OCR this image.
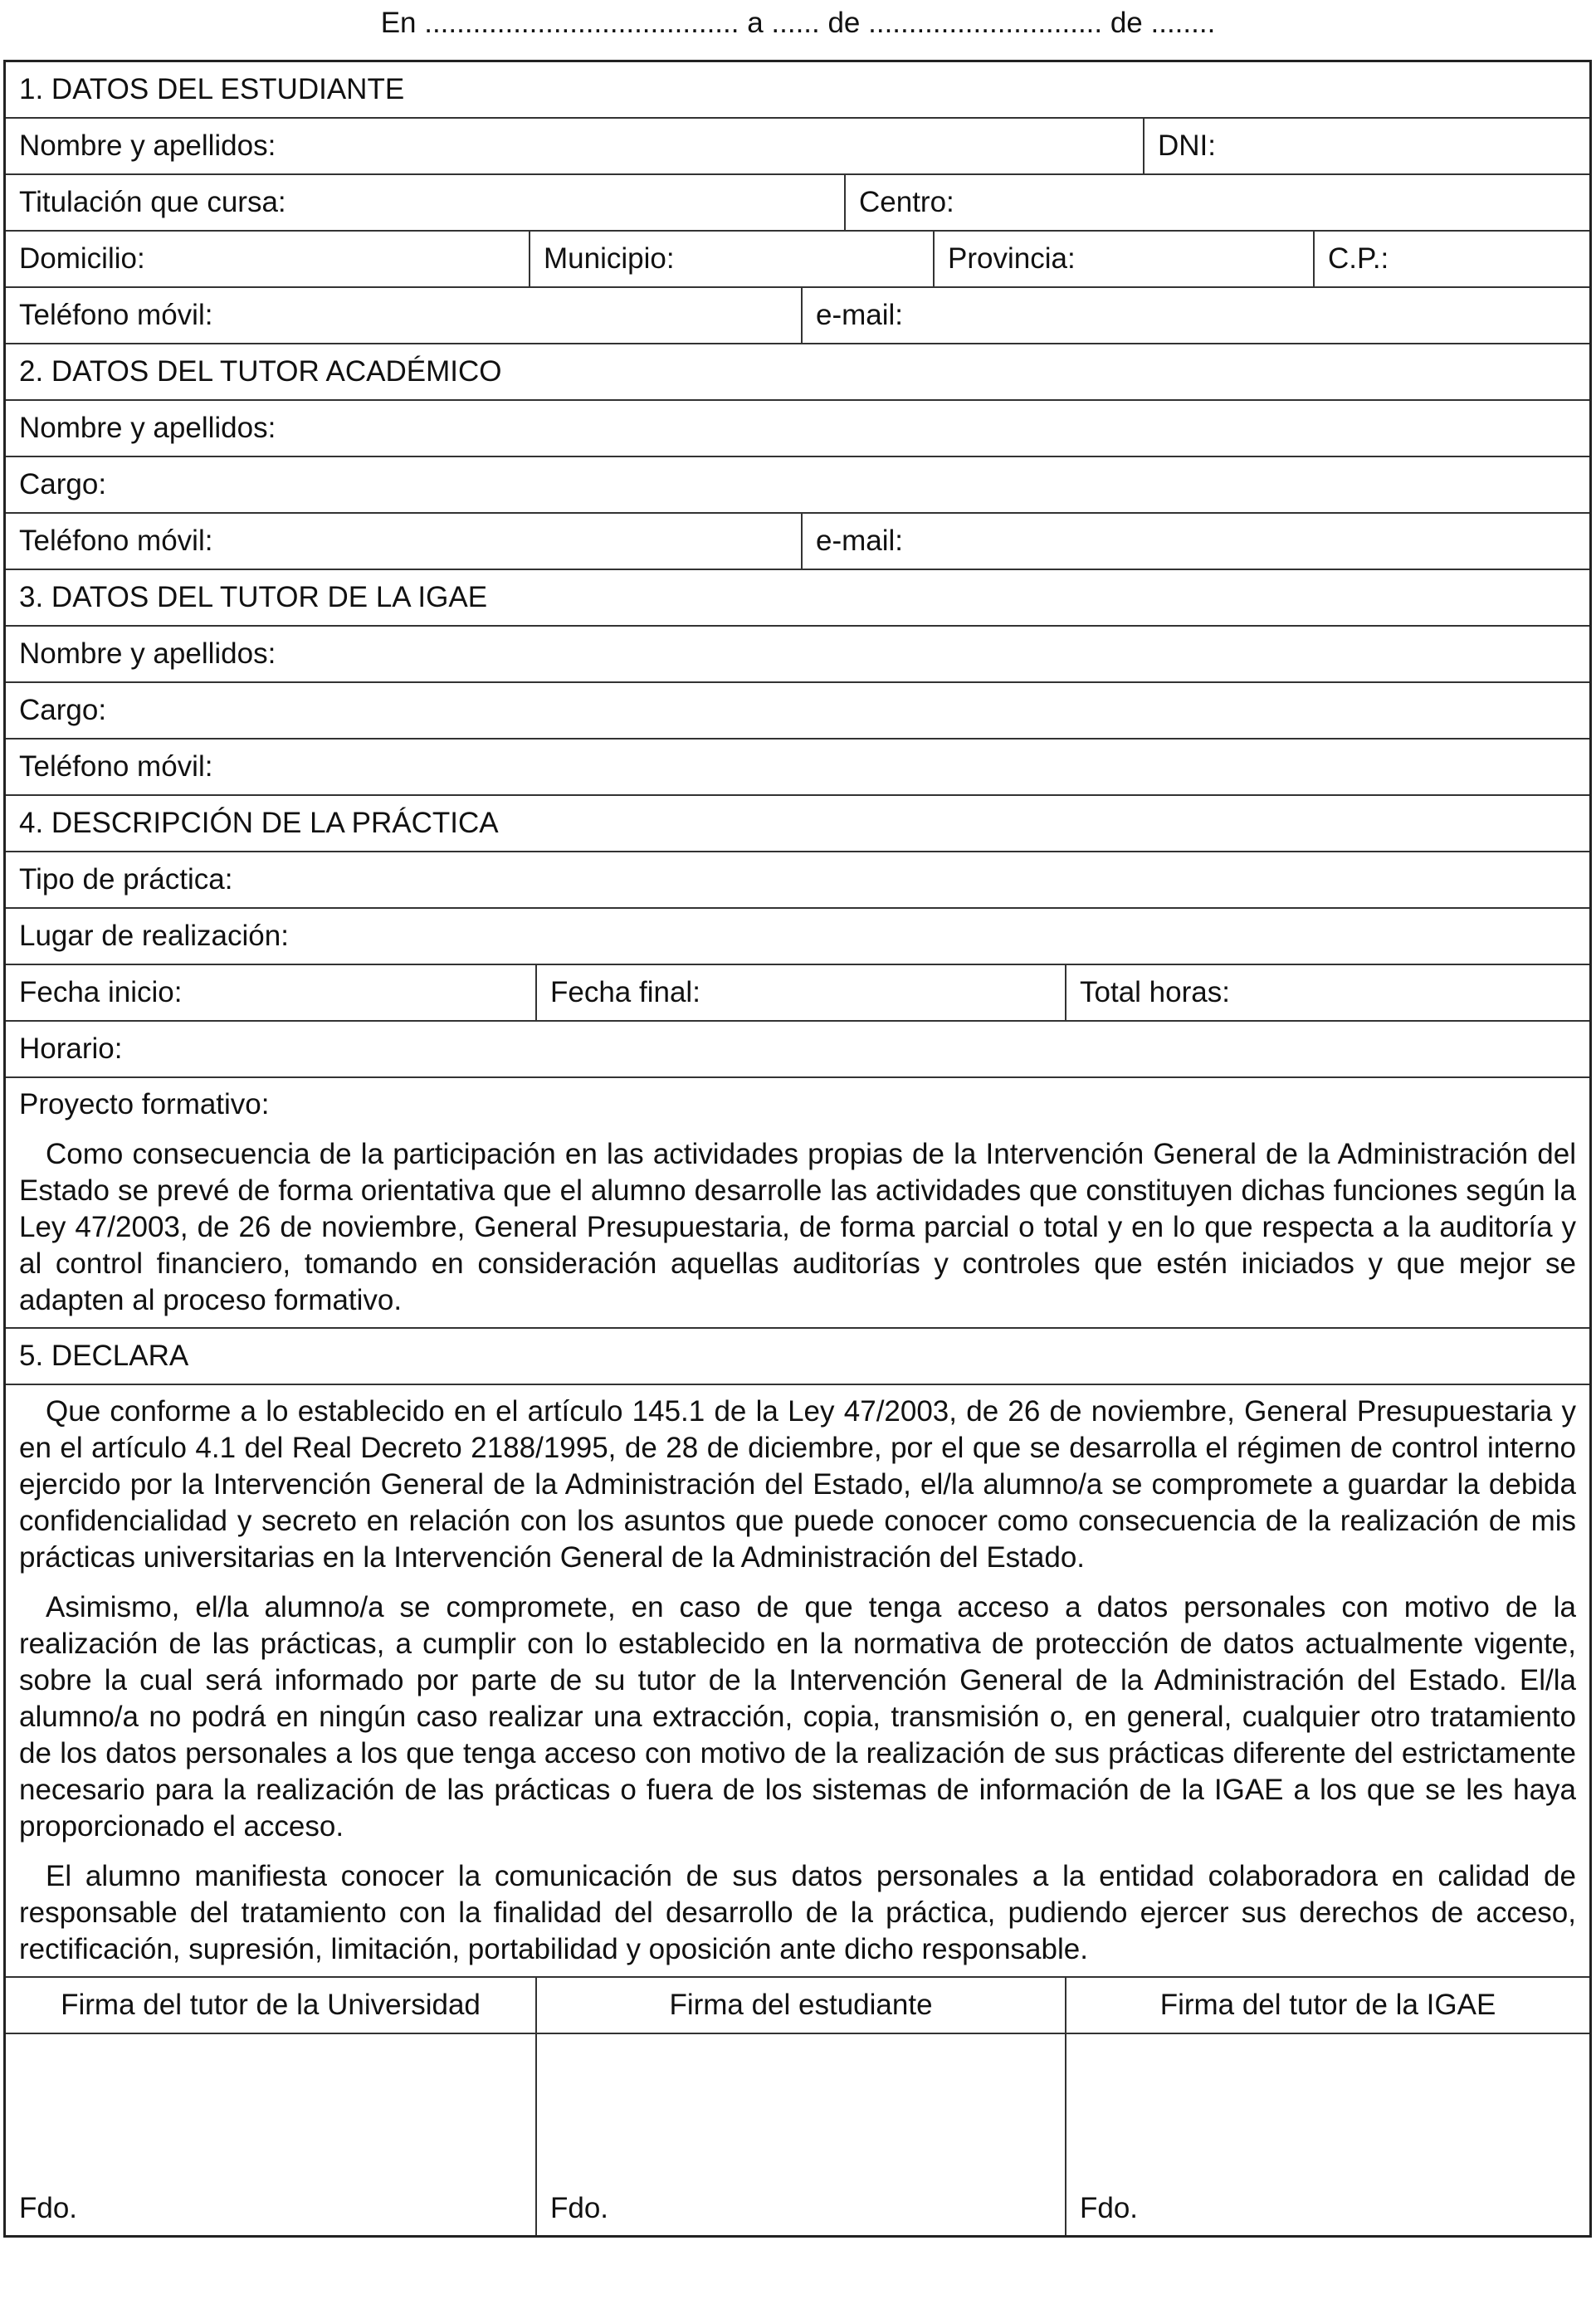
En ....................................... a ...... de ............................. de ........
1. DATOS DEL ESTUDIANTE
Nombre y apellidos:	DNI:
Titulación que cursa:	Centro:
Domicilio:	Municipio:	Provincia:	C.P.:
Teléfono móvil:	e-mail:
2. DATOS DEL TUTOR ACADÉMICO
Nombre y apellidos:
Cargo:
Teléfono móvil:	e-mail:
3. DATOS DEL TUTOR DE LA IGAE
Nombre y apellidos:
Cargo:
Teléfono móvil:
4. DESCRIPCIÓN DE LA PRÁCTICA
Tipo de práctica:
Lugar de realización:
Fecha inicio:	Fecha final:	Total horas:
Horario:
Proyecto formativo:

Como consecuencia de la participación en las actividades propias de la Intervención General de la Administración del Estado se prevé de forma orientativa que el alumno desarrolle las actividades que constituyen dichas funciones según la Ley 47/2003, de 26 de noviembre, General Presupuestaria, de forma parcial o total y en lo que respecta a la auditoría y al control financiero, tomando en consideración aquellas auditorías y controles que estén iniciados y que mejor se adapten al proceso formativo.

5. DECLARA

Que conforme a lo establecido en el artículo 145.1 de la Ley 47/2003, de 26 de noviembre, General Presupuestaria y en el artículo 4.1 del Real Decreto 2188/1995, de 28 de diciembre, por el que se desarrolla el régimen de control interno ejercido por la Intervención General de la Administración del Estado, el/la alumno/a se compromete a guardar la debida confidencialidad y secreto en relación con los asuntos que puede conocer como consecuencia de la realización de mis prácticas universitarias en la Intervención General de la Administración del Estado.

Asimismo, el/la alumno/a se compromete, en caso de que tenga acceso a datos personales con motivo de la realización de las prácticas, a cumplir con lo establecido en la normativa de protección de datos actualmente vigente, sobre la cual será informado por parte de su tutor de la Intervención General de la Administración del Estado. El/la alumno/a no podrá en ningún caso realizar una extracción, copia, transmisión o, en general, cualquier otro tratamiento de los datos personales a los que tenga acceso con motivo de la realización de sus prácticas diferente del estrictamente necesario para la realización de las prácticas o fuera de los sistemas de información de la IGAE a los que se les haya proporcionado el acceso.

El alumno manifiesta conocer la comunicación de sus datos personales a la entidad colaboradora en calidad de responsable del tratamiento con la finalidad del desarrollo de la práctica, pudiendo ejercer sus derechos de acceso, rectificación, supresión, limitación, portabilidad y oposición ante dicho responsable.

Firma del tutor de la Universidad	Firma del estudiante	Firma del tutor de la IGAE
Fdo.	Fdo.	Fdo.
